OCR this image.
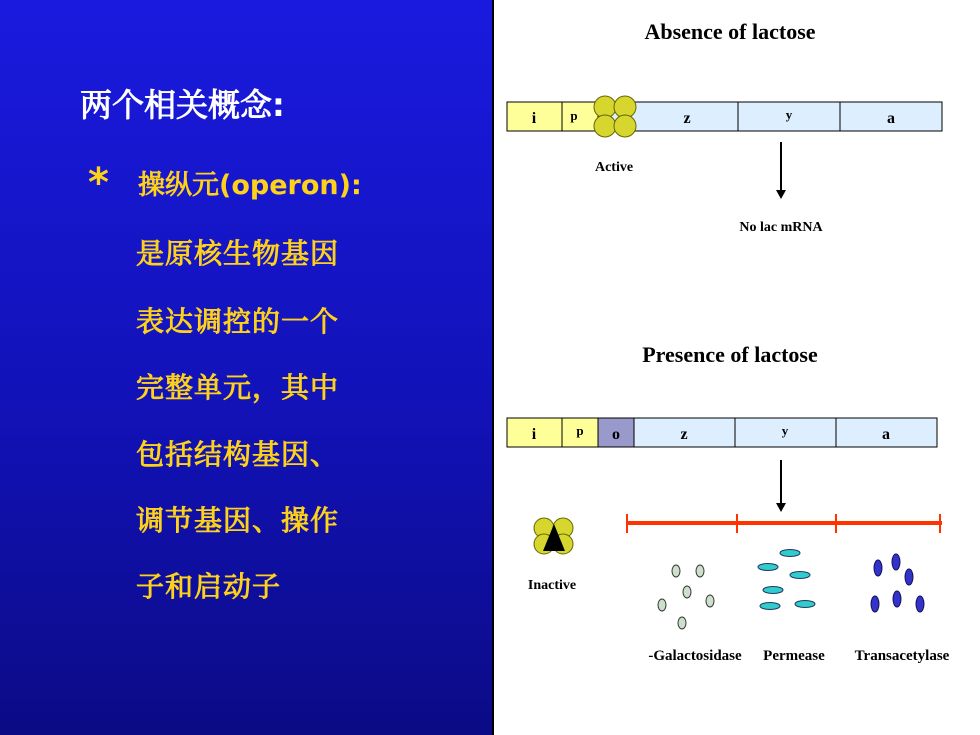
两个相关概念:
* 操纵元(operon):
是原核生物基因
表达调控的一个
完整单元，其中
包括结构基因、
调节基因、操作
子和启动子
Absence of lactose
i	p	z	y	a
Active
No lac mRNA
Presence of lactose
i	p o	z	y	a
Inactive
-Galactosidase Permease Transacetylase
